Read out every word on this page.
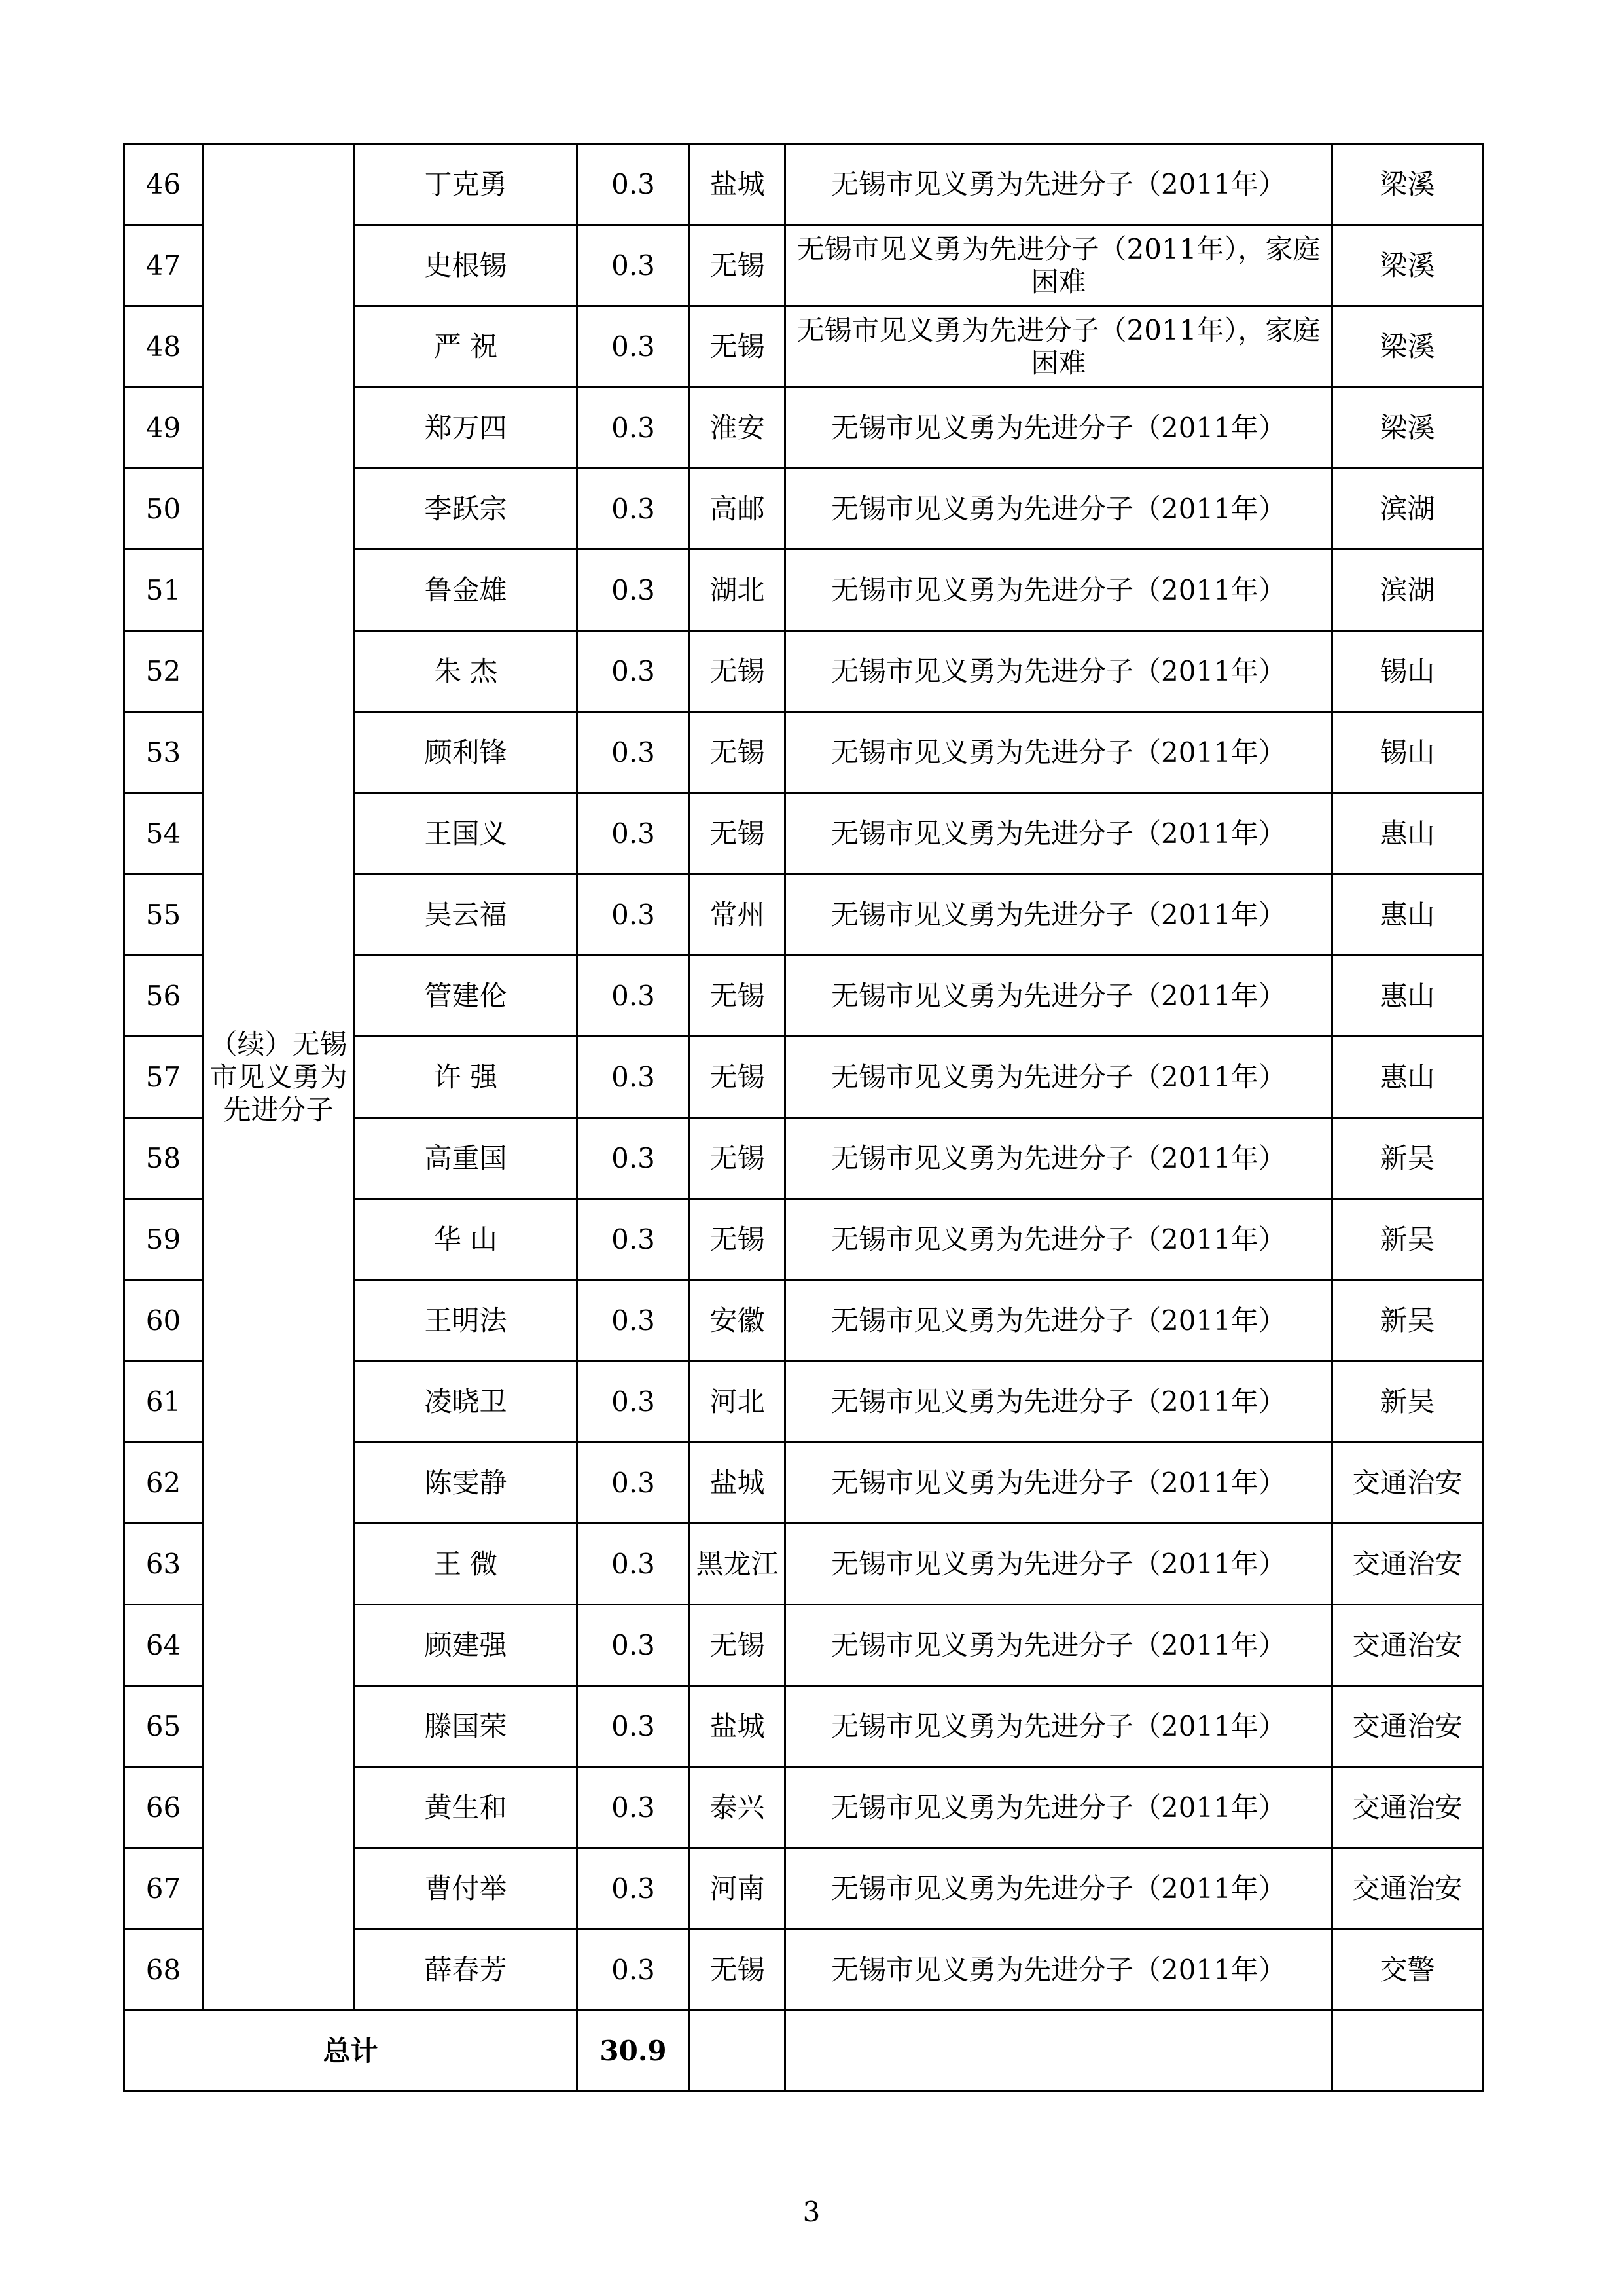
46	（续）无锡市见义勇为先进分子	丁克勇	0.3	盐城	无锡市见义勇为先进分子（2011年）	梁溪
47		史根锡	0.3	无锡	无锡市见义勇为先进分子（2011年），家庭困难	梁溪
48		严 祝	0.3	无锡	无锡市见义勇为先进分子（2011年），家庭困难	梁溪
49		郑万四	0.3	淮安	无锡市见义勇为先进分子（2011年）	梁溪
50		李跃宗	0.3	高邮	无锡市见义勇为先进分子（2011年）	滨湖
51		鲁金雄	0.3	湖北	无锡市见义勇为先进分子（2011年）	滨湖
52		朱 杰	0.3	无锡	无锡市见义勇为先进分子（2011年）	锡山
53		顾利锋	0.3	无锡	无锡市见义勇为先进分子（2011年）	锡山
54		王国义	0.3	无锡	无锡市见义勇为先进分子（2011年）	惠山
55		吴云福	0.3	常州	无锡市见义勇为先进分子（2011年）	惠山
56		管建伦	0.3	无锡	无锡市见义勇为先进分子（2011年）	惠山
57		许 强	0.3	无锡	无锡市见义勇为先进分子（2011年）	惠山
58		高重国	0.3	无锡	无锡市见义勇为先进分子（2011年）	新吴
59		华 山	0.3	无锡	无锡市见义勇为先进分子（2011年）	新吴
60		王明法	0.3	安徽	无锡市见义勇为先进分子（2011年）	新吴
61		凌晓卫	0.3	河北	无锡市见义勇为先进分子（2011年）	新吴
62		陈雯静	0.3	盐城	无锡市见义勇为先进分子（2011年）	交通治安
63		王 微	0.3	黑龙江	无锡市见义勇为先进分子（2011年）	交通治安
64		顾建强	0.3	无锡	无锡市见义勇为先进分子（2011年）	交通治安
65		滕国荣	0.3	盐城	无锡市见义勇为先进分子（2011年）	交通治安
66		黄生和	0.3	泰兴	无锡市见义勇为先进分子（2011年）	交通治安
67		曹付举	0.3	河南	无锡市见义勇为先进分子（2011年）	交通治安
68		薛春芳	0.3	无锡	无锡市见义勇为先进分子（2011年）	交警
总计			30.9			
3
